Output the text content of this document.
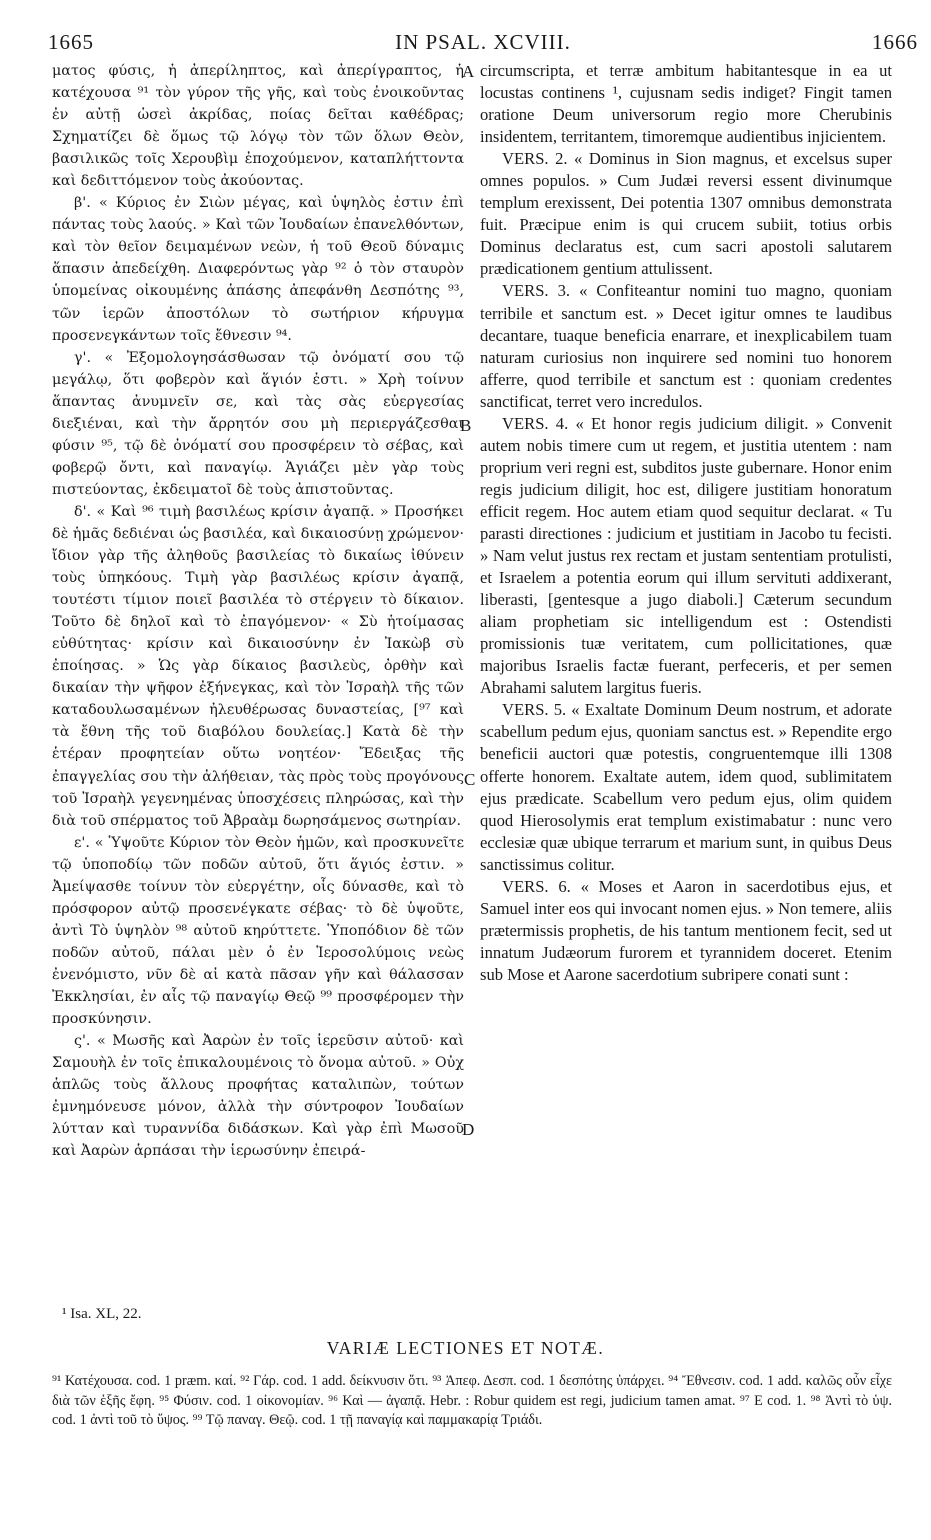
1665	IN PSAL. XCVIII.	1666

ματος φύσις, ἡ ἀπερίληπτος, καὶ ἀπερίγραπτος, ἡ κατέχουσα ⁹¹ τὸν γύρον τῆς γῆς, καὶ τοὺς ἐνοικοῦντας ἐν αὐτῇ ὡσεὶ ἀκρίδας, ποίας δεῖται καθέδρας; Σχηματίζει δὲ ὅμως τῷ λόγῳ τὸν τῶν ὅλων Θεὸν, βασιλικῶς τοῖς Χερουβὶμ ἐποχούμενον, καταπλήττοντα καὶ δεδιττόμενον τοὺς ἀκούοντας.

β'. « Κύριος ἐν Σιὼν μέγας, καὶ ὑψηλὸς ἐστιν ἐπὶ πάντας τοὺς λαούς. » Καὶ τῶν Ἰουδαίων ἐπανελθόντων, καὶ τὸν θεῖον δειμαμένων νεὼν, ἡ τοῦ Θεοῦ δύναμις ἅπασιν ἀπεδείχθη. Διαφερόντως γὰρ ⁹² ὁ τὸν σταυρὸν ὑπομείνας οἰκουμένης ἁπάσης ἀπεφάνθη Δεσπότης ⁹³, τῶν ἱερῶν ἀποστόλων τὸ σωτήριον κήρυγμα προσενεγκάντων τοῖς ἔθνεσιν ⁹⁴.

γ'. « Ἐξομολογησάσθωσαν τῷ ὀνόματί σου τῷ μεγάλῳ, ὅτι φοβερὸν καὶ ἅγιόν ἐστι. » Χρὴ τοίνυν ἅπαντας ἀνυμνεῖν σε, καὶ τὰς σὰς εὐεργεσίας διεξιέναι, καὶ τὴν ἄρρητόν σου μὴ περιεργάζεσθαι φύσιν ⁹⁵, τῷ δὲ ὀνόματί σου προσφέρειν τὸ σέβας, καὶ φοβερῷ ὄντι, καὶ παναγίῳ. Ἁγιάζει μὲν γὰρ τοὺς πιστεύοντας, ἐκδειματοῖ δὲ τοὺς ἀπιστοῦντας.

δ'. « Καὶ ⁹⁶ τιμὴ βασιλέως κρίσιν ἀγαπᾷ. » Προσήκει δὲ ἡμᾶς δεδιέναι ὡς βασιλέα, καὶ δικαιοσύνῃ χρώμενον· ἴδιον γὰρ τῆς ἀληθοῦς βασιλείας τὸ δικαίως ἰθύνειν τοὺς ὑπηκόους. Τιμὴ γὰρ βασιλέως κρίσιν ἀγαπᾷ, τουτέστι τίμιον ποιεῖ βασιλέα τὸ στέργειν τὸ δίκαιον. Τοῦτο δὲ δηλοῖ καὶ τὸ ἐπαγόμενον· « Σὺ ἡτοίμασας εὐθύτητας· κρίσιν καὶ δικαιοσύνην ἐν Ἰακὼβ σὺ ἐποίησας. » Ὡς γὰρ δίκαιος βασιλεὺς, ὀρθὴν καὶ δικαίαν τὴν ψῆφον ἐξήνεγκας, καὶ τὸν Ἰσραὴλ τῆς τῶν καταδουλωσαμένων ἠλευθέρωσας δυναστείας, [⁹⁷ καὶ τὰ ἔθνη τῆς τοῦ διαβόλου δουλείας.] Κατὰ δὲ τὴν ἑτέραν προφητείαν οὕτω νοητέον· Ἔδειξας τῆς ἐπαγγελίας σου τὴν ἀλήθειαν, τὰς πρὸς τοὺς προγόνους τοῦ Ἰσραὴλ γεγενημένας ὑποσχέσεις πληρώσας, καὶ τὴν διὰ τοῦ σπέρματος τοῦ Ἀβραὰμ δωρησάμενος σωτηρίαν.

ε'. « Ὑψοῦτε Κύριον τὸν Θεὸν ἡμῶν, καὶ προσκυνεῖτε τῷ ὑποποδίῳ τῶν ποδῶν αὐτοῦ, ὅτι ἅγιός ἐστιν. » Ἀμείψασθε τοίνυν τὸν εὐεργέτην, οἷς δύνασθε, καὶ τὸ πρόσφορον αὐτῷ προσενέγκατε σέβας· τὸ δὲ ὑψοῦτε, ἀντὶ Τὸ ὑψηλὸν ⁹⁸ αὐτοῦ κηρύττετε. Ὑποπόδιον δὲ τῶν ποδῶν αὐτοῦ, πάλαι μὲν ὁ ἐν Ἱεροσολύμοις νεὼς ἐνενόμιστο, νῦν δὲ αἱ κατὰ πᾶσαν γῆν καὶ θάλασσαν Ἐκκλησίαι, ἐν αἷς τῷ παναγίῳ Θεῷ ⁹⁹ προσφέρομεν τὴν προσκύνησιν.

ς'. « Μωσῆς καὶ Ἀαρὼν ἐν τοῖς ἱερεῦσιν αὐτοῦ· καὶ Σαμουὴλ ἐν τοῖς ἐπικαλουμένοις τὸ ὄνομα αὐτοῦ. » Οὐχ ἁπλῶς τοὺς ἄλλους προφήτας καταλιπὼν, τούτων ἐμνημόνευσε μόνον, ἀλλὰ τὴν σύντροφον Ἰουδαίων λύτταν καὶ τυραννίδα διδάσκων. Καὶ γὰρ ἐπὶ Μωσοῦ καὶ Ἀαρὼν ἁρπάσαι τὴν ἱερωσύνην ἐπειρά-

circumscripta, et terræ ambitum habitantesque in ea ut locustas continens ¹, cujusnam sedis indiget? Fingit tamen oratione Deum universorum regio more Cherubinis insidentem, territantem, timoremque audientibus injicientem.

VERS. 2. « Dominus in Sion magnus, et excelsus super omnes populos. » Cum Judæi reversi essent divinumque templum erexissent, Dei potentia 1307 omnibus demonstrata fuit. Præcipue enim is qui crucem subiit, totius orbis Dominus declaratus est, cum sacri apostoli salutarem prædicationem gentium attulissent.

VERS. 3. « Confiteantur nomini tuo magno, quoniam terribile et sanctum est. » Decet igitur omnes te laudibus decantare, tuaque beneficia enarrare, et inexplicabilem tuam naturam curiosius non inquirere sed nomini tuo honorem afferre, quod terribile et sanctum est : quoniam credentes sanctificat, terret vero incredulos.

VERS. 4. « Et honor regis judicium diligit. » Convenit autem nobis timere cum ut regem, et justitia utentem : nam proprium veri regni est, subditos juste gubernare. Honor enim regis judicium diligit, hoc est, diligere justitiam honoratum efficit regem. Hoc autem etiam quod sequitur declarat. « Tu parasti directiones : judicium et justitiam in Jacobo tu fecisti. » Nam velut justus rex rectam et justam sententiam protulisti, et Israelem a potentia eorum qui illum servituti addixerant, liberasti, [gentesque a jugo diaboli.] Cæterum secundum aliam prophetiam sic intelligendum est : Ostendisti promissionis tuæ veritatem, cum pollicitationes, quæ majoribus Israelis factæ fuerant, perfeceris, et per semen Abrahami salutem largitus fueris.

VERS. 5. « Exaltate Dominum Deum nostrum, et adorate scabellum pedum ejus, quoniam sanctus est. » Rependite ergo beneficii auctori quæ potestis, congruentemque illi 1308 offerte honorem. Exaltate autem, idem quod, sublimitatem ejus prædicate. Scabellum vero pedum ejus, olim quidem quod Hierosolymis erat templum existimabatur : nunc vero ecclesiæ quæ ubique terrarum et marium sunt, in quibus Deus sanctissimus colitur.

VERS. 6. « Moses et Aaron in sacerdotibus ejus, et Samuel inter eos qui invocant nomen ejus. » Non temere, aliis prætermissis prophetis, de his tantum mentionem fecit, sed ut innatum Judæorum furorem et tyrannidem doceret. Etenim sub Mose et Aarone sacerdotium subripere conati sunt :

A
B
C
D
¹ Isa. XL, 22.
VARIÆ LECTIONES ET NOTÆ.
⁹¹ Κατέχουσα. cod. 1 præm. καί. ⁹² Γάρ. cod. 1 add. δείκνυσιν ὅτι. ⁹³ Ἀπεφ. Δεσπ. cod. 1 δεσπότης ὑπάρχει. ⁹⁴ Ἔθνεσιν. cod. 1 add. καλῶς οὖν εἶχε διὰ τῶν ἑξῆς ἔφη. ⁹⁵ Φύσιν. cod. 1 οἰκονομίαν. ⁹⁶ Καὶ — ἀγαπᾷ. Hebr. : Robur quidem est regi, judicium tamen amat. ⁹⁷ E cod. 1. ⁹⁸ Ἀντὶ τὸ ὑψ. cod. 1 ἀντὶ τοῦ τὸ ὕψος. ⁹⁹ Τῷ παναγ. Θεῷ. cod. 1 τῇ παναγίᾳ καὶ παμμακαρίᾳ Τριάδι.
